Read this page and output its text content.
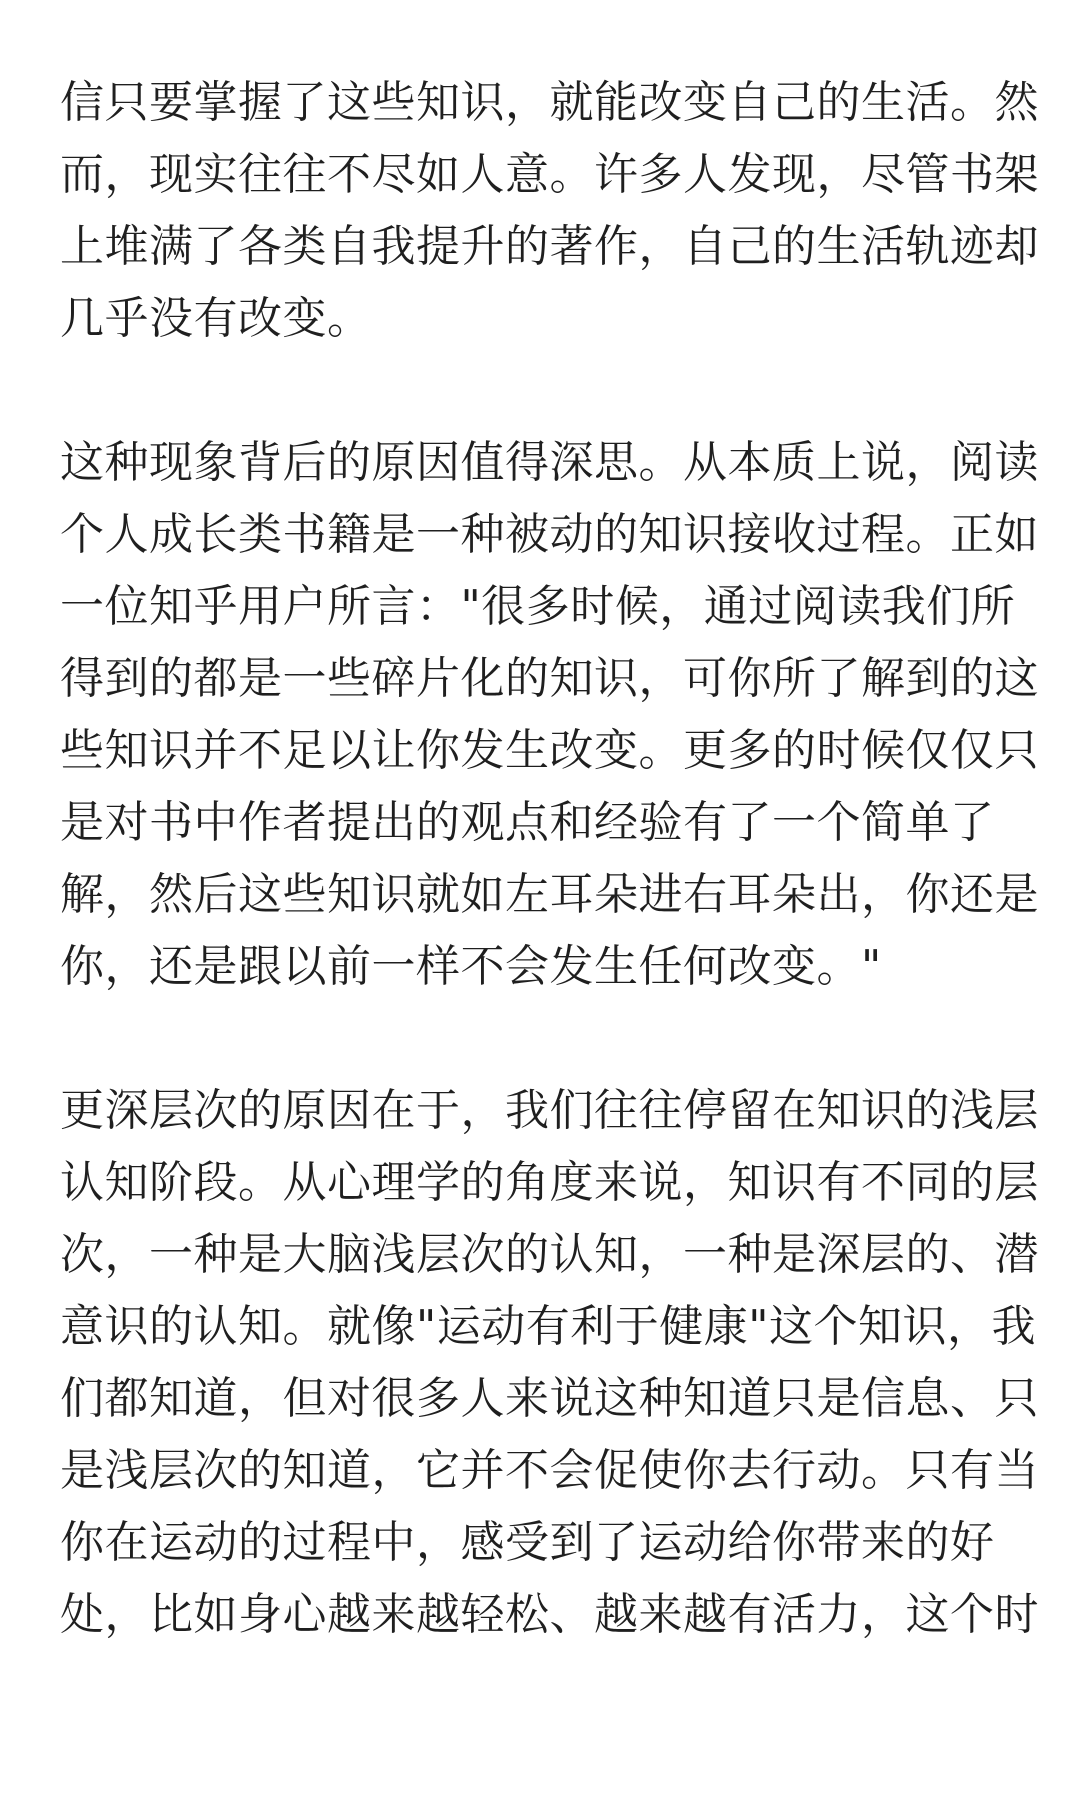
信只要掌握了这些知识，就能改变自己的生活。然
而，现实往往不尽如人意。许多人发现，尽管书架
上堆满了各类自我提升的著作，自己的生活轨迹却
几乎没有改变。

这种现象背后的原因值得深思。从本质上说，阅读
个人成长类书籍是一种被动的知识接收过程。正如
一位知乎用户所言："很多时候，通过阅读我们所
得到的都是一些碎片化的知识，可你所了解到的这
些知识并不足以让你发生改变。更多的时候仅仅只
是对书中作者提出的观点和经验有了一个简单了
解，然后这些知识就如左耳朵进右耳朵出，你还是
你，还是跟以前一样不会发生任何改变。"

更深层次的原因在于，我们往往停留在知识的浅层
认知阶段。从心理学的角度来说，知识有不同的层
次，一种是大脑浅层次的认知，一种是深层的、潜
意识的认知。就像"运动有利于健康"这个知识，我
们都知道，但对很多人来说这种知道只是信息、只
是浅层次的知道，它并不会促使你去行动。只有当
你在运动的过程中，感受到了运动给你带来的好
处，比如身心越来越轻松、越来越有活力，这个时
